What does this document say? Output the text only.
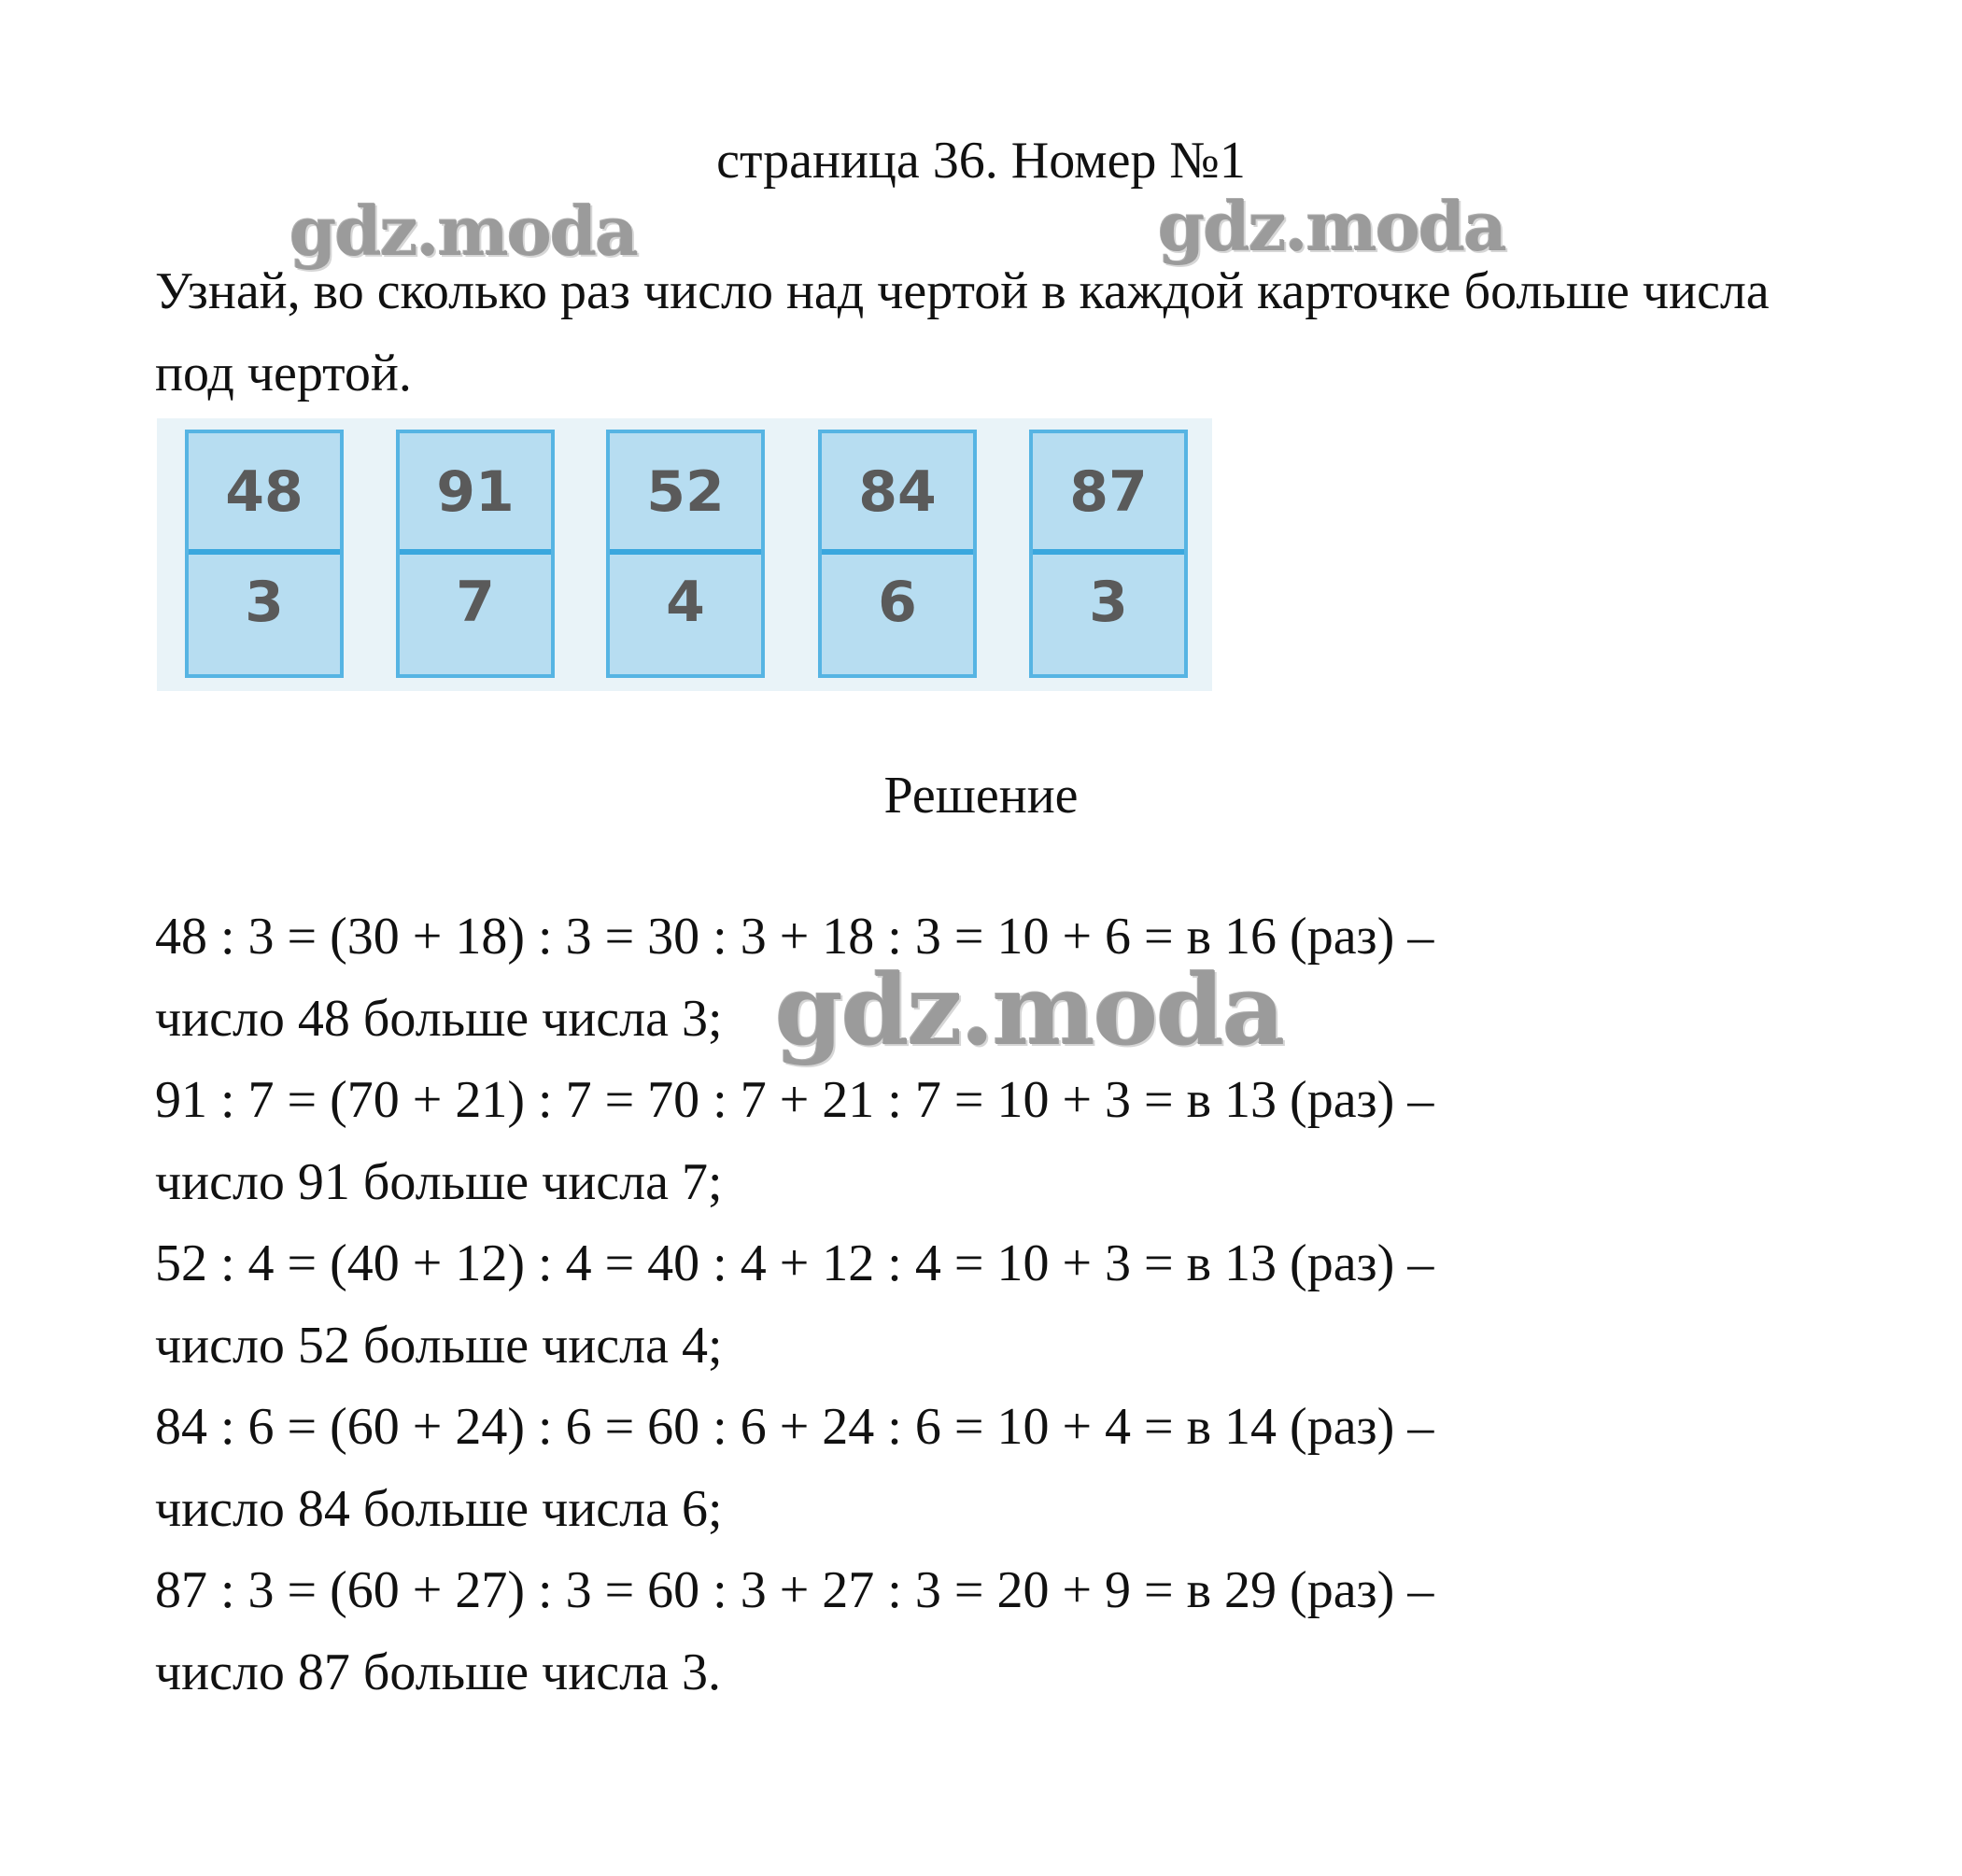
страница 36. Номер №1
gdz.moda	gdz.moda
Узнай, во сколько раз число над чертой в каждой карточке больше числа под чертой.
48
3
91
7
52
4
84
6
87
3
Решение
48 : 3 = (30 + 18) : 3 = 30 : 3 + 18 : 3 = 10 + 6 = в 16 (раз) –
число 48 больше числа 3;
91 : 7 = (70 + 21) : 7 = 70 : 7 + 21 : 7 = 10 + 3 = в 13 (раз) –
число 91 больше числа 7;
52 : 4 = (40 + 12) : 4 = 40 : 4 + 12 : 4 = 10 + 3 = в 13 (раз) –
число 52 больше числа 4;
84 : 6 = (60 + 24) : 6 = 60 : 6 + 24 : 6 = 10 + 4 = в 14 (раз) –
число 84 больше числа 6;
87 : 3 = (60 + 27) : 3 = 60 : 3 + 27 : 3 = 20 + 9 = в 29 (раз) –
число 87 больше числа 3.
gdz.moda
